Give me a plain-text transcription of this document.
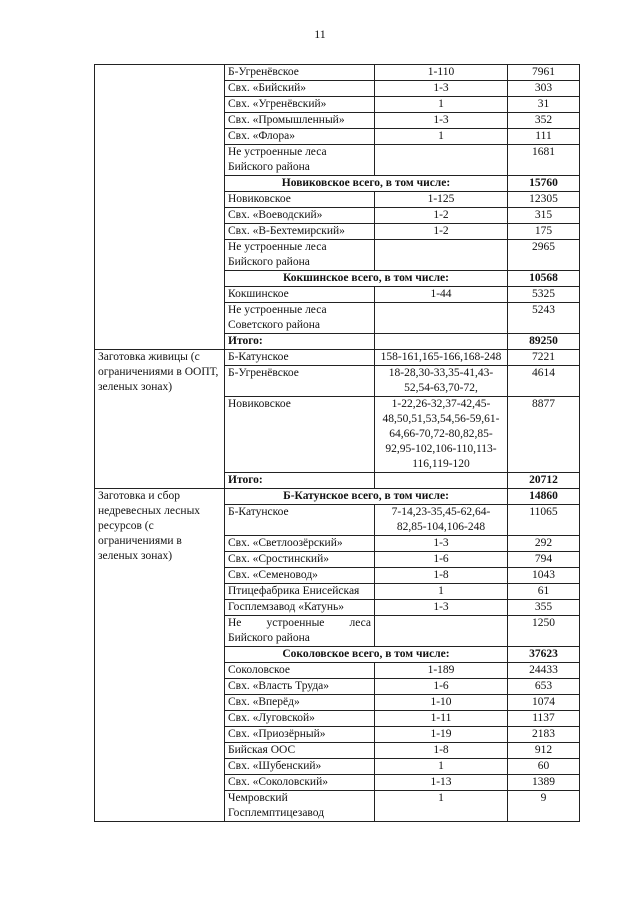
11
	Б-Угренёвское	1-110	7961
	Свх. «Бийский»	1-3	303
	Свх. «Угренёвский»	1	31
	Свх. «Промышленный»	1-3	352
	Свх. «Флора»	1	111
	Не устроенные леса Бийского района		1681
	Новиковское всего, в том числе:		15760
	Новиковское	1-125	12305
	Свх. «Воеводский»	1-2	315
	Свх. «В-Бехтемирский»	1-2	175
	Не устроенные леса Бийского района		2965
	Кокшинское всего, в том числе:		10568
	Кокшинское	1-44	5325
	Не устроенные леса Советского района		5243
	Итого:		89250
Заготовка живицы (с ограничениями в ООПТ, зеленых зонах)	Б-Катунское	158-161,165-166,168-248	7221
	Б-Угренёвское	18-28,30-33,35-41,43-52,54-63,70-72,	4614
	Новиковское	1-22,26-32,37-42,45-48,50,51,53,54,56-59,61-64,66-70,72-80,82,85-92,95-102,106-110,113-116,119-120	8877
	Итого:		20712
Заготовка и сбор недревесных лесных ресурсов (с ограничениями в зеленых зонах)	Б-Катунское всего, в том числе:		14860
	Б-Катунское	7-14,23-35,45-62,64-82,85-104,106-248	11065
	Свх. «Светлоозёрский»	1-3	292
	Свх. «Сростинский»	1-6	794
	Свх. «Семеновод»	1-8	1043
	Птицефабрика Енисейская	1	61
	Госплемзавод «Катунь»	1-3	355
	Не устроенные леса Бийского района		1250
	Соколовское всего, в том числе:		37623
	Соколовское	1-189	24433
	Свх. «Власть Труда»	1-6	653
	Свх. «Вперёд»	1-10	1074
	Свх. «Луговской»	1-11	1137
	Свх. «Приозёрный»	1-19	2183
	Бийская ООС	1-8	912
	Свх. «Шубенский»	1	60
	Свх. «Соколовский»	1-13	1389
	Чемровский Госплемптицезавод	1	9
